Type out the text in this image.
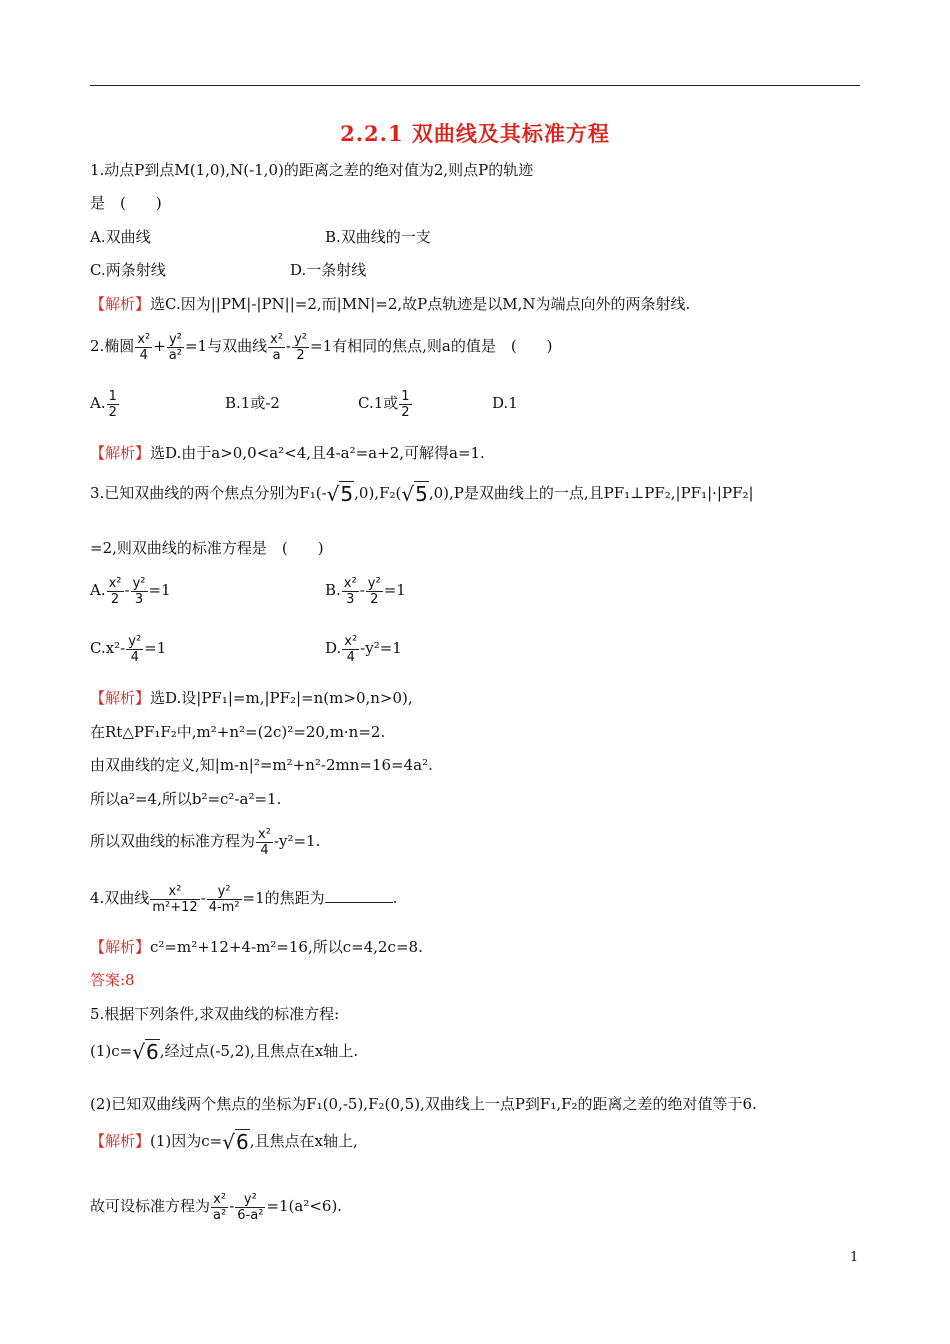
2.2.1 双曲线及其标准方程
1.动点P到点M(1,0),N(-1,0)的距离之差的绝对值为2,则点P的轨迹
是　(　　)
A.双曲线	B.双曲线的一支
C.两条射线	D.一条射线
【解析】选C.因为||PM|-|PN||=2,而|MN|=2,故P点轨迹是以M,N为端点向外的两条射线.
2.椭圆 $\frac{\text{x²}}{4} + \frac{\text{y²}}{\text{a²}} =1$与双曲线 $\frac{\text{x²}}{a} - \frac{\text{y²}}{2} =1$有相同的焦点,则a的值是　(　　)
A. $\frac{1}{2}$	B.1或-2	C.1或 $\frac{1}{2}$	D.1
【解析】选D.由于a>0,0<a²<4,且4-a²=a+2,可解得a=1.
3.已知双曲线的两个焦点分别为F₁(-√5,0),F₂(√5,0),P是双曲线上的一点,且PF₁⊥PF₂,|PF₁|·|PF₂|
=2,则双曲线的标准方程是　(　　)
A. $\frac{\text{x²}}{2} - \frac{\text{y²}}{3} =1$	B. $\frac{\text{x²}}{3} - \frac{\text{y²}}{2} =1$
$C.x^2- \frac{\text{y²}}{4} =1$	D. $\frac{\text{x²}}{4} -y^2=1$
【解析】选D.设|PF₁|=m,|PF₂|=n(m>0,n>0),
在Rt△PF₁F₂中,m²+n²=(2c)²=20,m·n=2.
由双曲线的定义,知|m-n|²=m²+n²-2mn=16=4a².
所以a²=4,所以b²=c²-a²=1.
所以双曲线的标准方程为 $\frac{\text{x²}}{4} -y^2=1$.
4.双曲线 $\frac{\text{x²}}{\text{m²+12}} - \frac{\text{y²}}{\text{4-m²}} =1$的焦距为	.
【解析】c²=m²+12+4-m²=16,所以c=4,2c=8.
答案:8
5.根据下列条件,求双曲线的标准方程:
(1)c=√6,经过点(-5,2),且焦点在x轴上.
(2)已知双曲线两个焦点的坐标为F₁(0,-5),F₂(0,5),双曲线上一点P到F₁,F₂的距离之差的绝对值等于6.
【解析】(1)因为c=√6,且焦点在x轴上,
故可设标准方程为 $\frac{\text{x²}}{\text{a²}} - \frac{\text{y²}}{\text{6-a²}} =1(a^2<6)$.
1
